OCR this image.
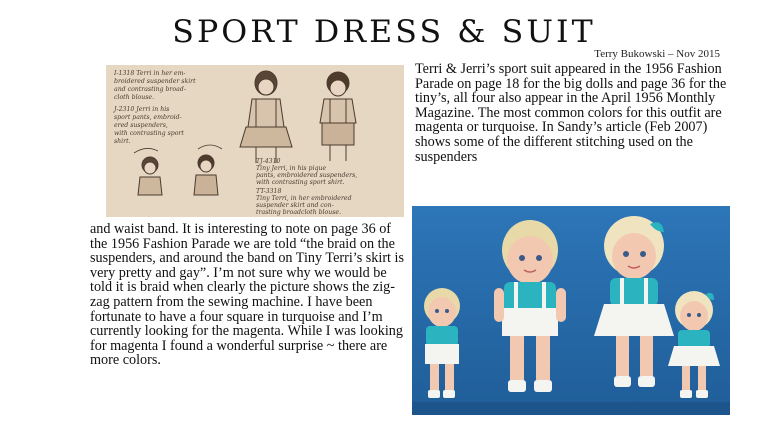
SPORT DRESS & SUIT
Terry Bukowski – Nov 2015
I-1318 Terri in her em- broidered suspender skirt and contrasting broad- cloth blouse.
J-2310 Jerri in his sport pants, embroid- ered suspenders, with contrasting sport shirt.
TJ-4310 Tiny Jerri, in his pique pants, embroidered suspenders, with contrasting sport shirt.
TT-3318 Tiny Terri, in her embroidered suspender skirt and con- trasting broadcloth blouse.

Terri & Jerri’s sport suit appeared in the 1956 Fashion Parade on page 18 for the big dolls and page 36 for the tiny’s, all four also appear in the April 1956 Monthly Magazine. The most common colors for this outfit are magenta or turquoise. In Sandy’s article (Feb 2007) shows some of the different stitching used on the suspenders

and waist band. It is interesting to note on page 36 of the 1956 Fashion Parade we are told “the braid on the suspenders, and around the band on Tiny Terri’s skirt is very pretty and gay”. I’m not sure why we would be told it is braid when clearly the picture shows the zig-zag pattern from the sewing machine. I have been fortunate to have a four square in turquoise and I’m currently looking for the magenta. While I was looking for magenta I found a wonderful surprise ~ there are more colors.
